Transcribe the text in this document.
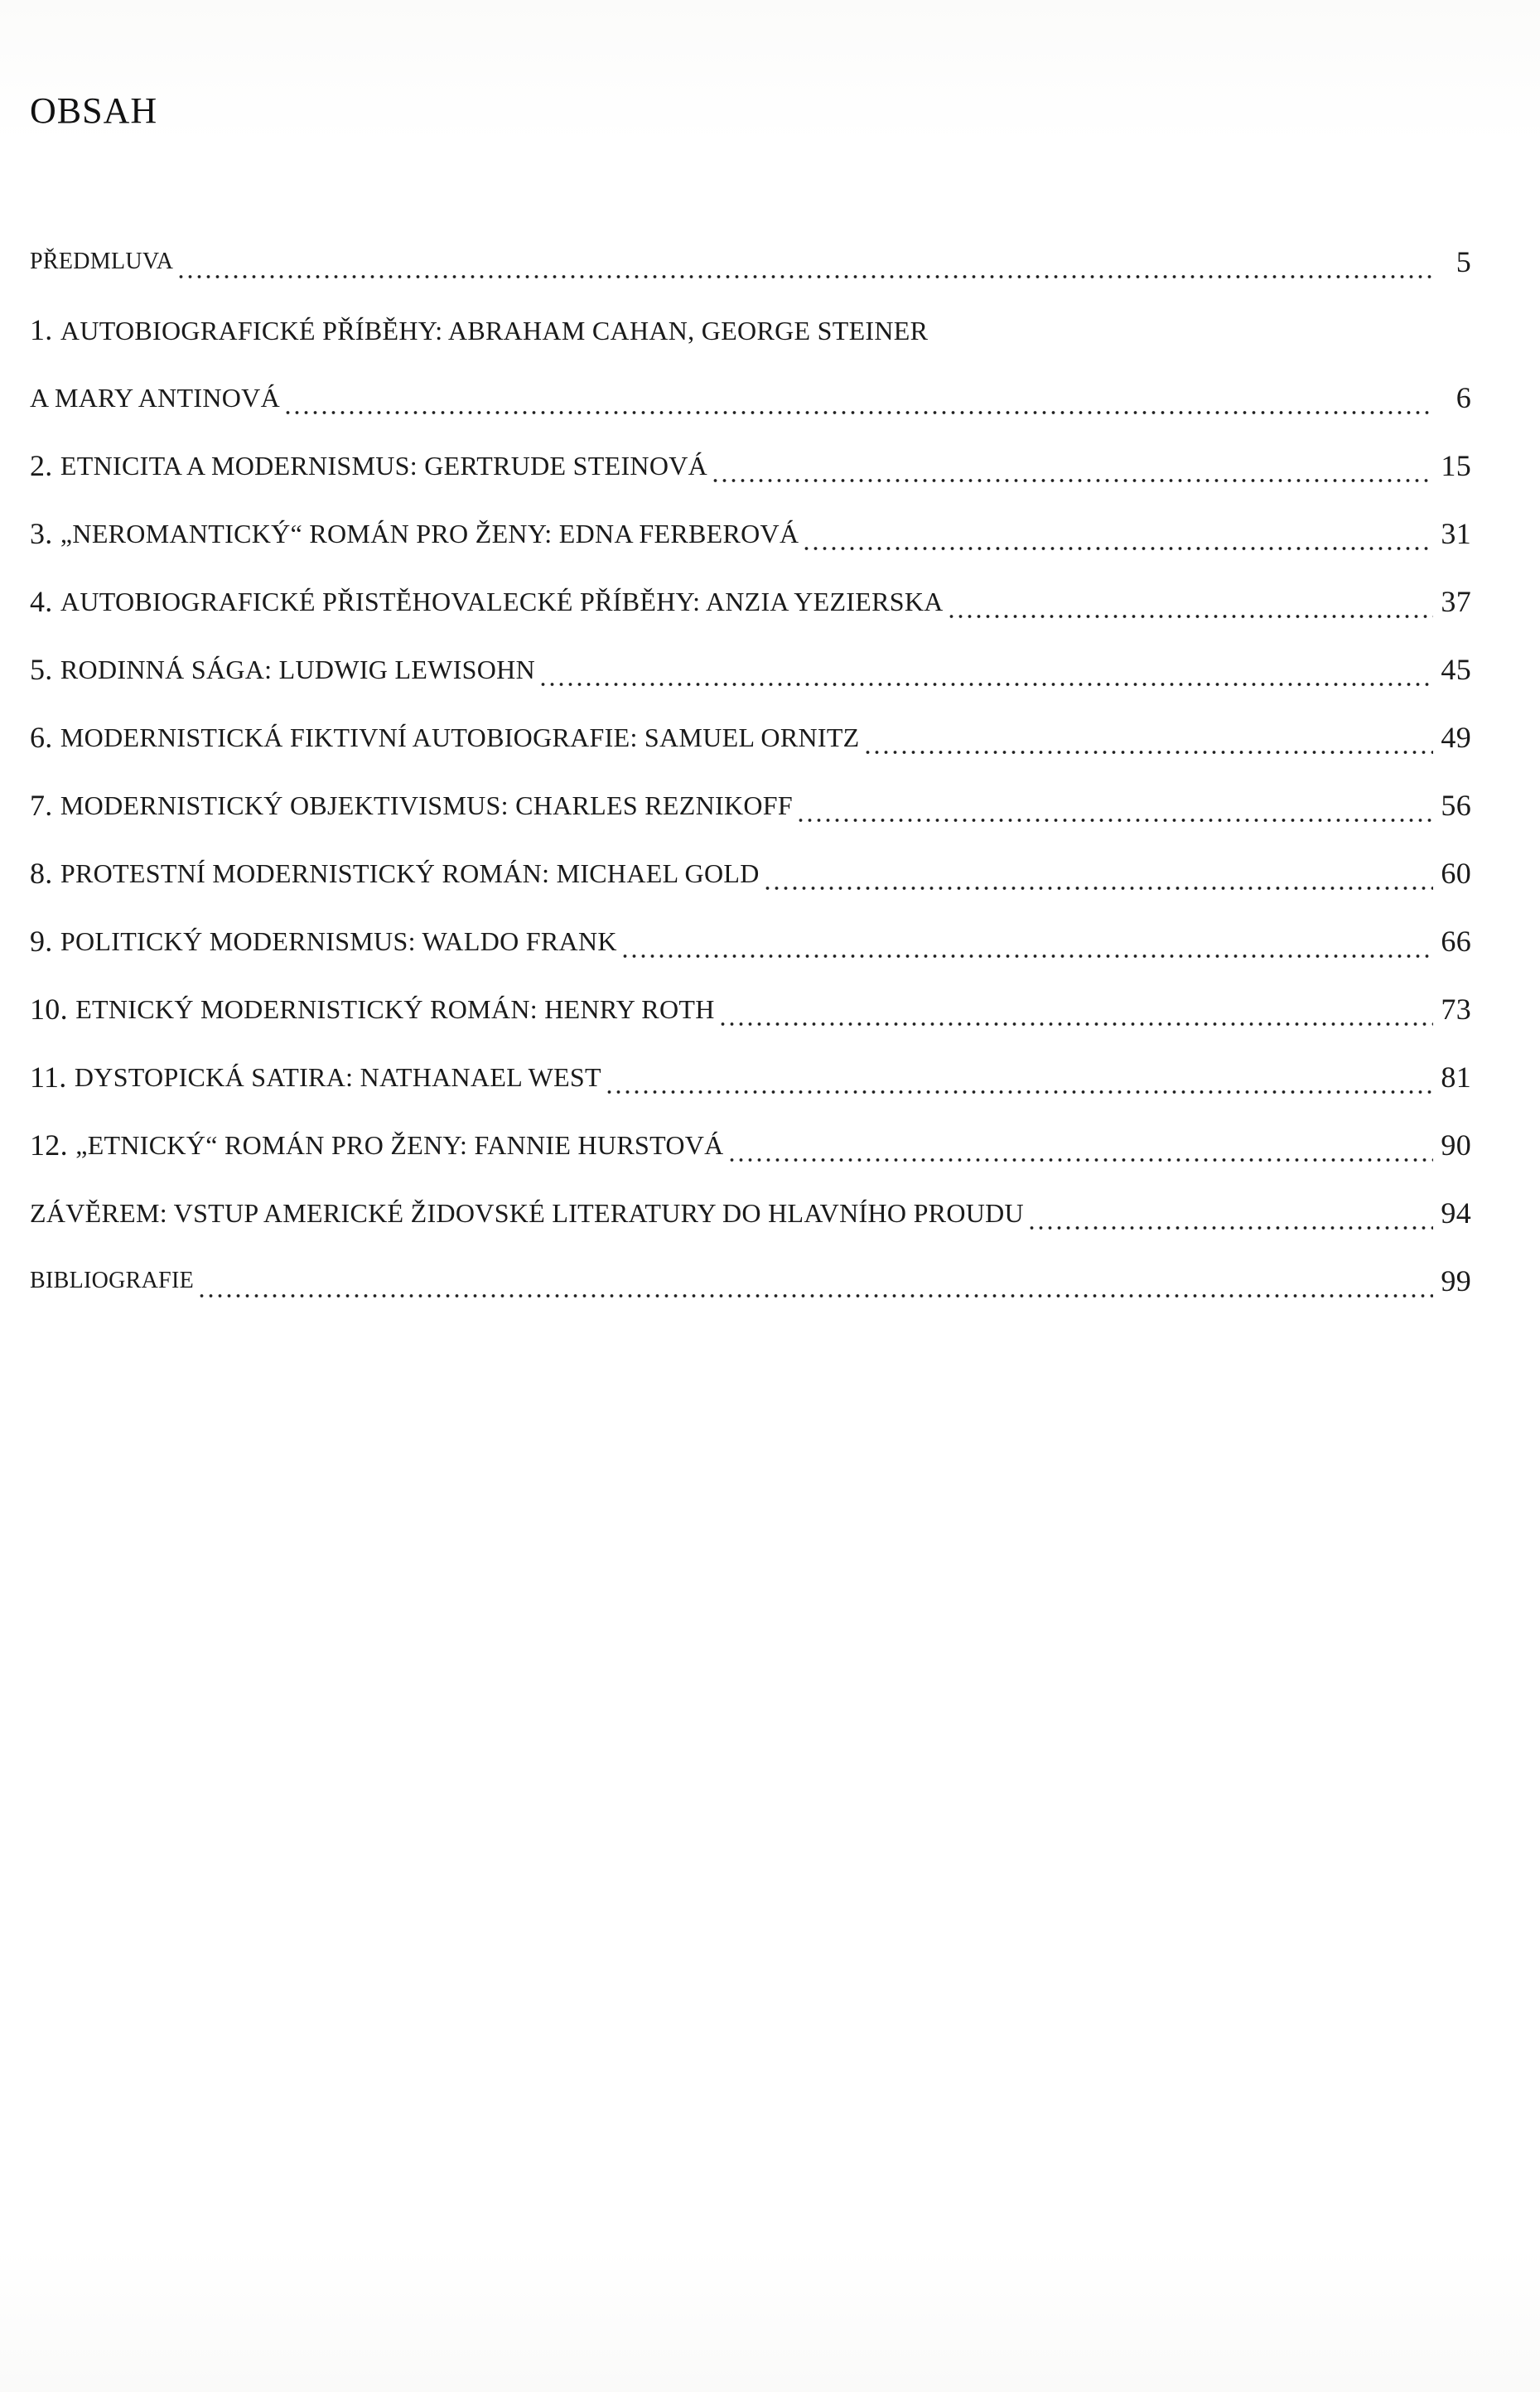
OBSAH
PŘEDMLUVA	5
1. AUTOBIOGRAFICKÉ PŘÍBĚHY: ABRAHAM CAHAN, GEORGE STEINER
A MARY ANTINOVÁ	6
2. ETNICITA A MODERNISMUS: GERTRUDE STEINOVÁ	15
3. „NEROMANTICKÝ“ ROMÁN PRO ŽENY: EDNA FERBEROVÁ	31
4. AUTOBIOGRAFICKÉ PŘISTĚHOVALECKÉ PŘÍBĚHY: ANZIA YEZIERSKA	37
5. RODINNÁ SÁGA: LUDWIG LEWISOHN	45
6. MODERNISTICKÁ FIKTIVNÍ AUTOBIOGRAFIE: SAMUEL ORNITZ	49
7. MODERNISTICKÝ OBJEKTIVISMUS: CHARLES REZNIKOFF	56
8. PROTESTNÍ MODERNISTICKÝ ROMÁN: MICHAEL GOLD	60
9. POLITICKÝ MODERNISMUS: WALDO FRANK	66
10. ETNICKÝ MODERNISTICKÝ ROMÁN: HENRY ROTH	73
11. DYSTOPICKÁ SATIRA: NATHANAEL WEST	81
12. „ETNICKÝ“ ROMÁN PRO ŽENY: FANNIE HURSTOVÁ	90
ZÁVĚREM: VSTUP AMERICKÉ ŽIDOVSKÉ LITERATURY DO HLAVNÍHO PROUDU	94
BIBLIOGRAFIE	99
